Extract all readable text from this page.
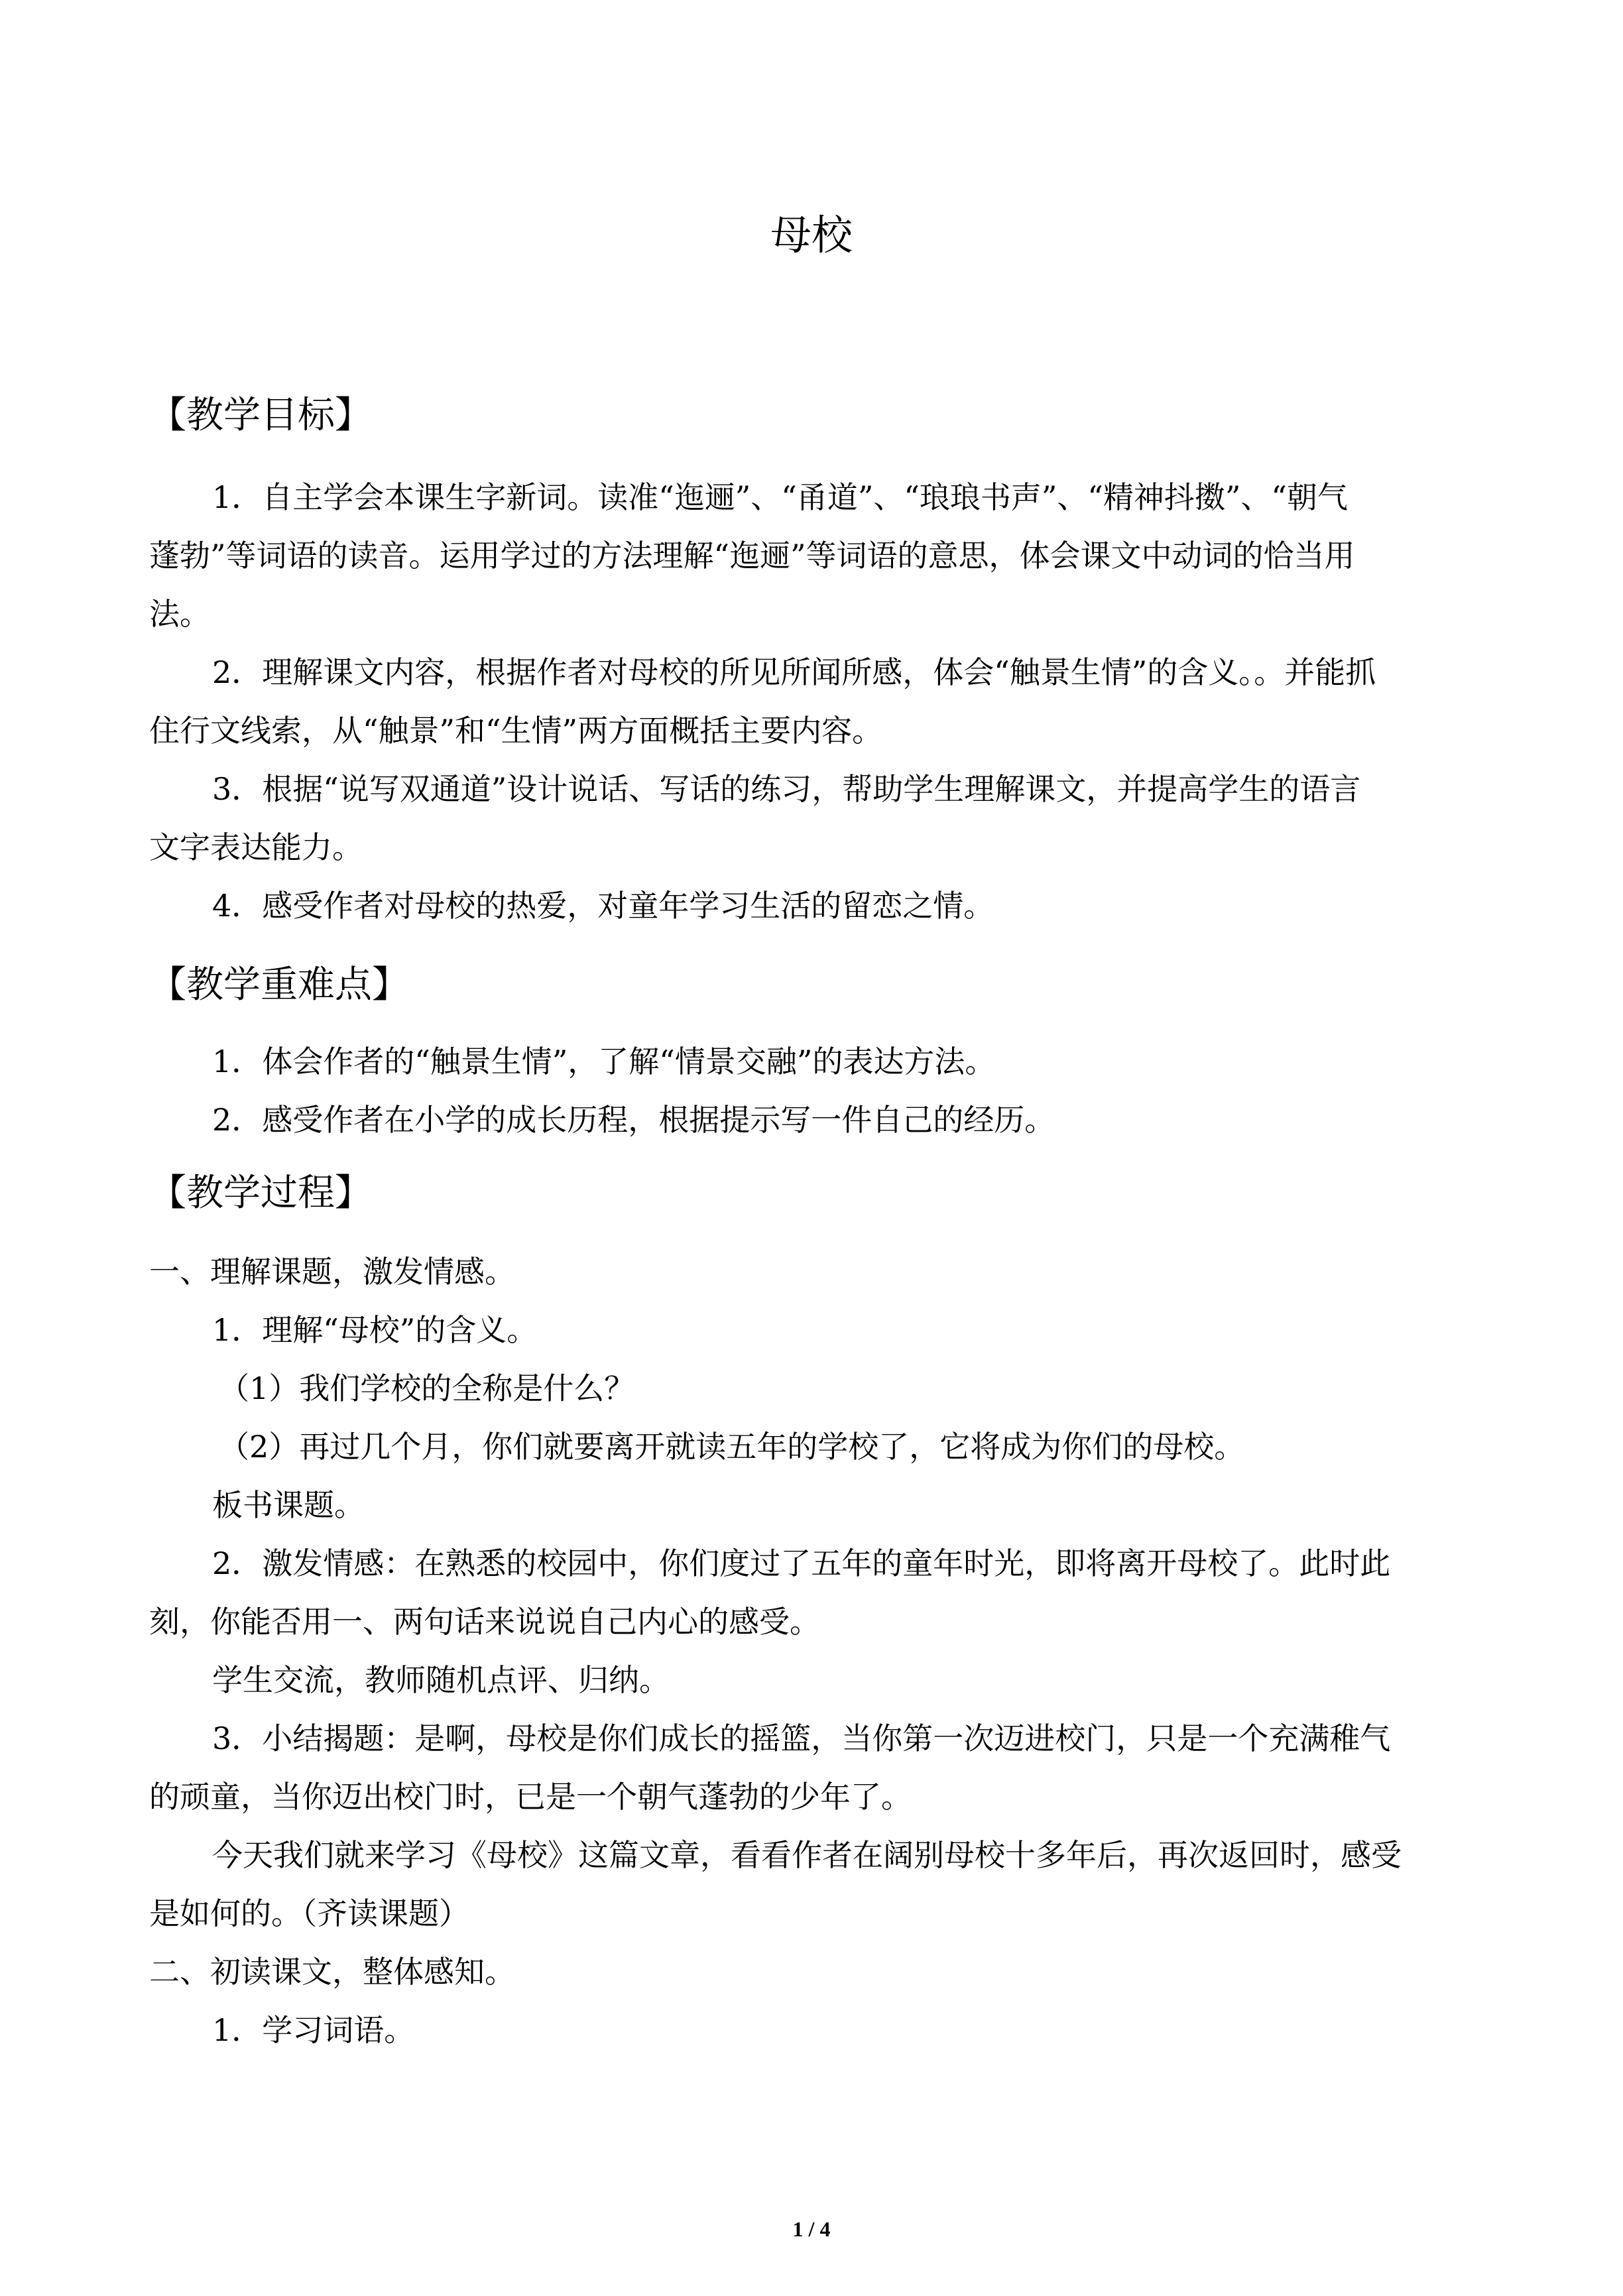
母校
【教学目标】
1．自主学会本课生字新词。读准“迤逦”、“甬道”、“琅琅书声”、“精神抖擞”、“朝气
蓬勃”等词语的读音。运用学过的方法理解“迤逦”等词语的意思，体会课文中动词的恰当用
法。
2．理解课文内容，根据作者对母校的所见所闻所感，体会“触景生情”的含义。。并能抓
住行文线索，从“触景”和“生情”两方面概括主要内容。
3．根据“说写双通道”设计说话、写话的练习，帮助学生理解课文，并提高学生的语言
文字表达能力。
4．感受作者对母校的热爱，对童年学习生活的留恋之情。
【教学重难点】
1．体会作者的“触景生情”，了解“情景交融”的表达方法。
2．感受作者在小学的成长历程，根据提示写一件自己的经历。
【教学过程】
一、理解课题，激发情感。
1．理解“母校”的含义。
（1）我们学校的全称是什么？
（2）再过几个月，你们就要离开就读五年的学校了，它将成为你们的母校。
板书课题。
2．激发情感：在熟悉的校园中，你们度过了五年的童年时光，即将离开母校了。此时此
刻，你能否用一、两句话来说说自己内心的感受。
学生交流，教师随机点评、归纳。
3．小结揭题：是啊，母校是你们成长的摇篮，当你第一次迈进校门，只是一个充满稚气
的顽童，当你迈出校门时，已是一个朝气蓬勃的少年了。
今天我们就来学习《母校》这篇文章，看看作者在阔别母校十多年后，再次返回时，感受
是如何的。（齐读课题）
二、初读课文，整体感知。
1．学习词语。
1 / 4
